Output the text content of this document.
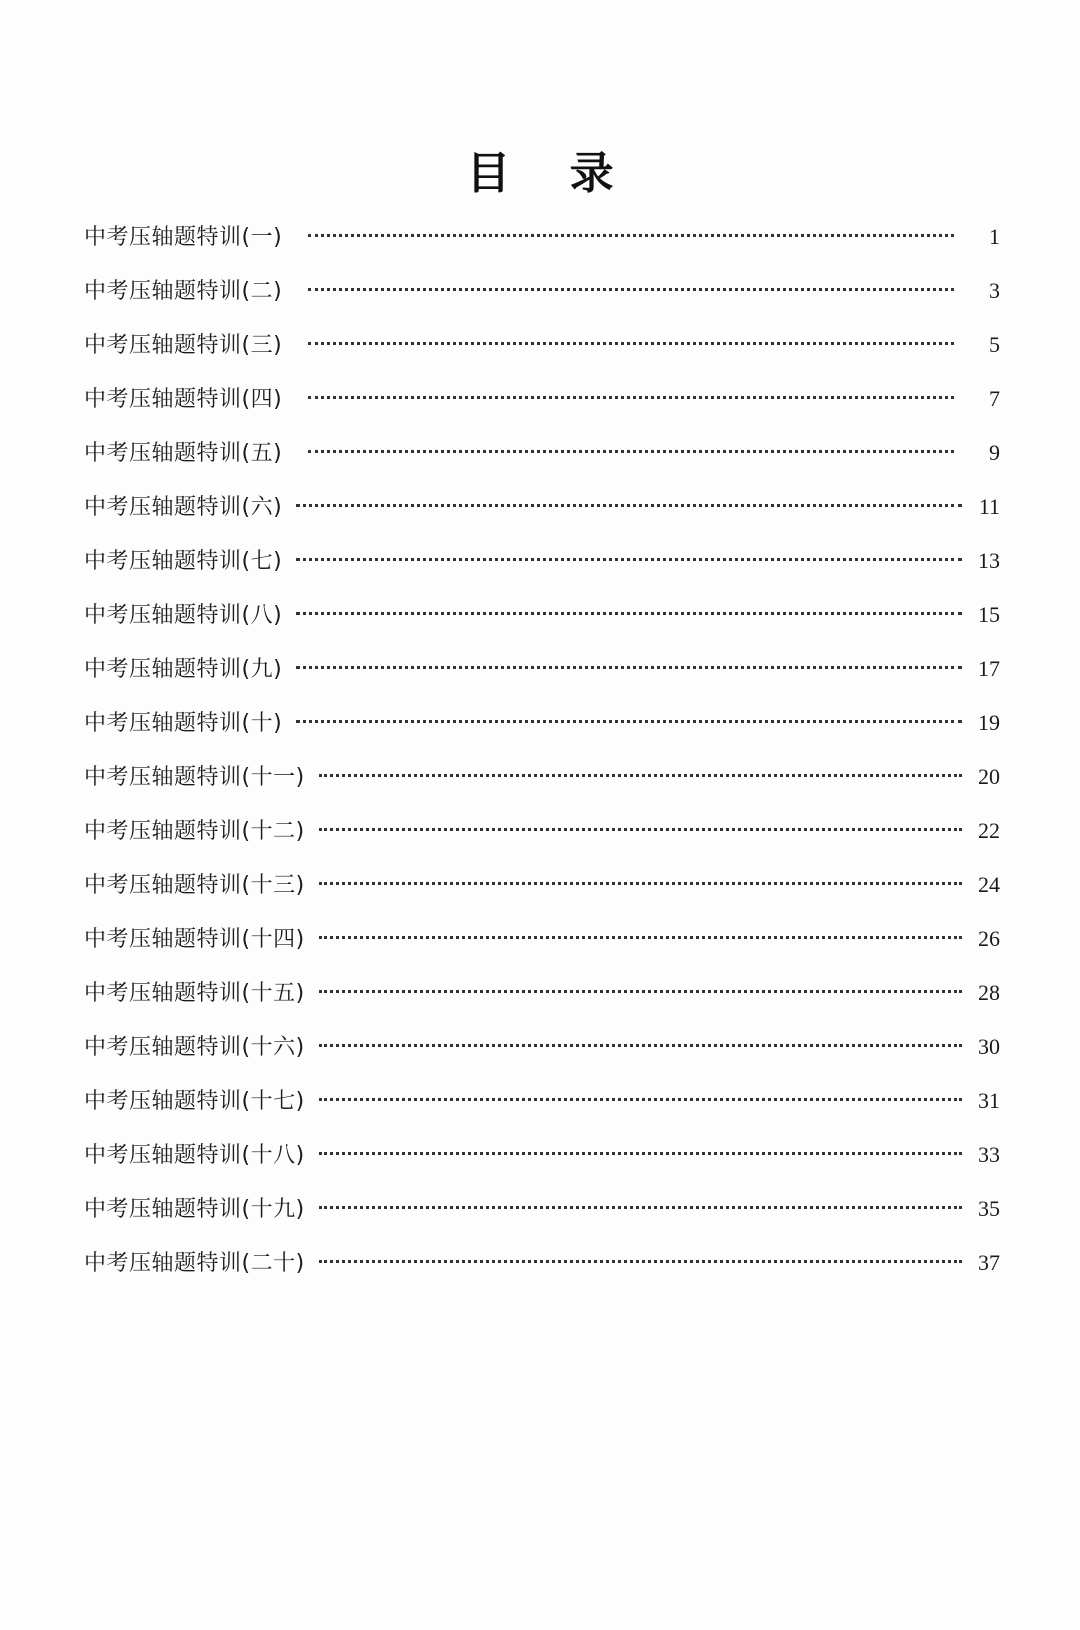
目 录
中考压轴题特训(一)	1
中考压轴题特训(二)	3
中考压轴题特训(三)	5
中考压轴题特训(四)	7
中考压轴题特训(五)	9
中考压轴题特训(六)	11
中考压轴题特训(七)	13
中考压轴题特训(八)	15
中考压轴题特训(九)	17
中考压轴题特训(十)	19
中考压轴题特训(十一)	20
中考压轴题特训(十二)	22
中考压轴题特训(十三)	24
中考压轴题特训(十四)	26
中考压轴题特训(十五)	28
中考压轴题特训(十六)	30
中考压轴题特训(十七)	31
中考压轴题特训(十八)	33
中考压轴题特训(十九)	35
中考压轴题特训(二十)	37
